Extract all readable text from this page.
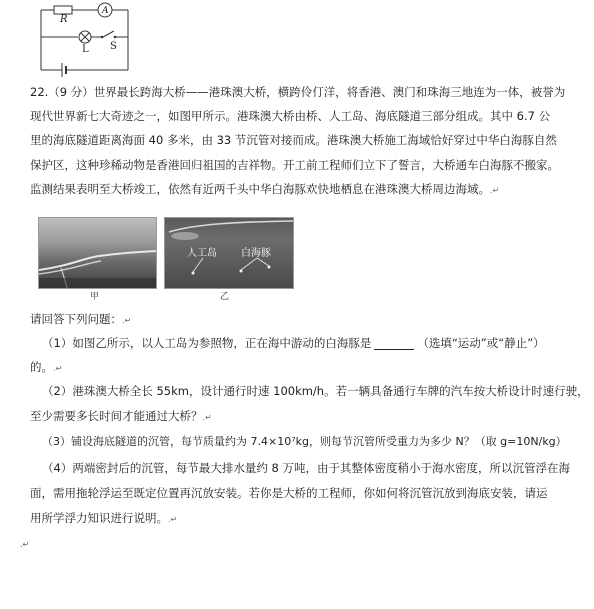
R
A
L S
22.（9 分）世界最长跨海大桥——港珠澳大桥，横跨伶仃洋，将香港、澳门和珠海三地连为一体，被誉为
现代世界新七大奇迹之一，如图甲所示。港珠澳大桥由桥、人工岛、海底隧道三部分组成。其中 6.7 公
里的海底隧道距离海面 40 多米，由 33 节沉管对接而成。港珠澳大桥施工海域恰好穿过中华白海豚自然
保护区，这种珍稀动物是香港回归祖国的吉祥物。开工前工程师们立下了誓言，大桥通车白海豚不搬家。
监测结果表明至大桥竣工，依然有近两千头中华白海豚欢快地栖息在港珠澳大桥周边海域。.↵
甲
人工岛 白海豚
乙
请回答下列问题：.↵
（1）如图乙所示，以人工岛为参照物，正在海中游动的白海豚是	（选填“运动”或“静止”）
的。.↵
（2）港珠澳大桥全长 55km，设计通行时速 100km/h。若一辆具备通行车牌的汽车按大桥设计时速行驶，
至少需要多长时间才能通过大桥？.↵
（3）铺设海底隧道的沉管，每节质量约为 7.4×10⁷kg，则每节沉管所受重力为多少 N？（取 g=10N/kg）
（4）两端密封后的沉管，每节最大排水量约 8 万吨，由于其整体密度稍小于海水密度，所以沉管浮在海
面，需用拖轮浮运至既定位置再沉放安装。若你是大桥的工程师，你如何将沉管沉放到海底安装，请运
用所学浮力知识进行说明。.↵
.↵
